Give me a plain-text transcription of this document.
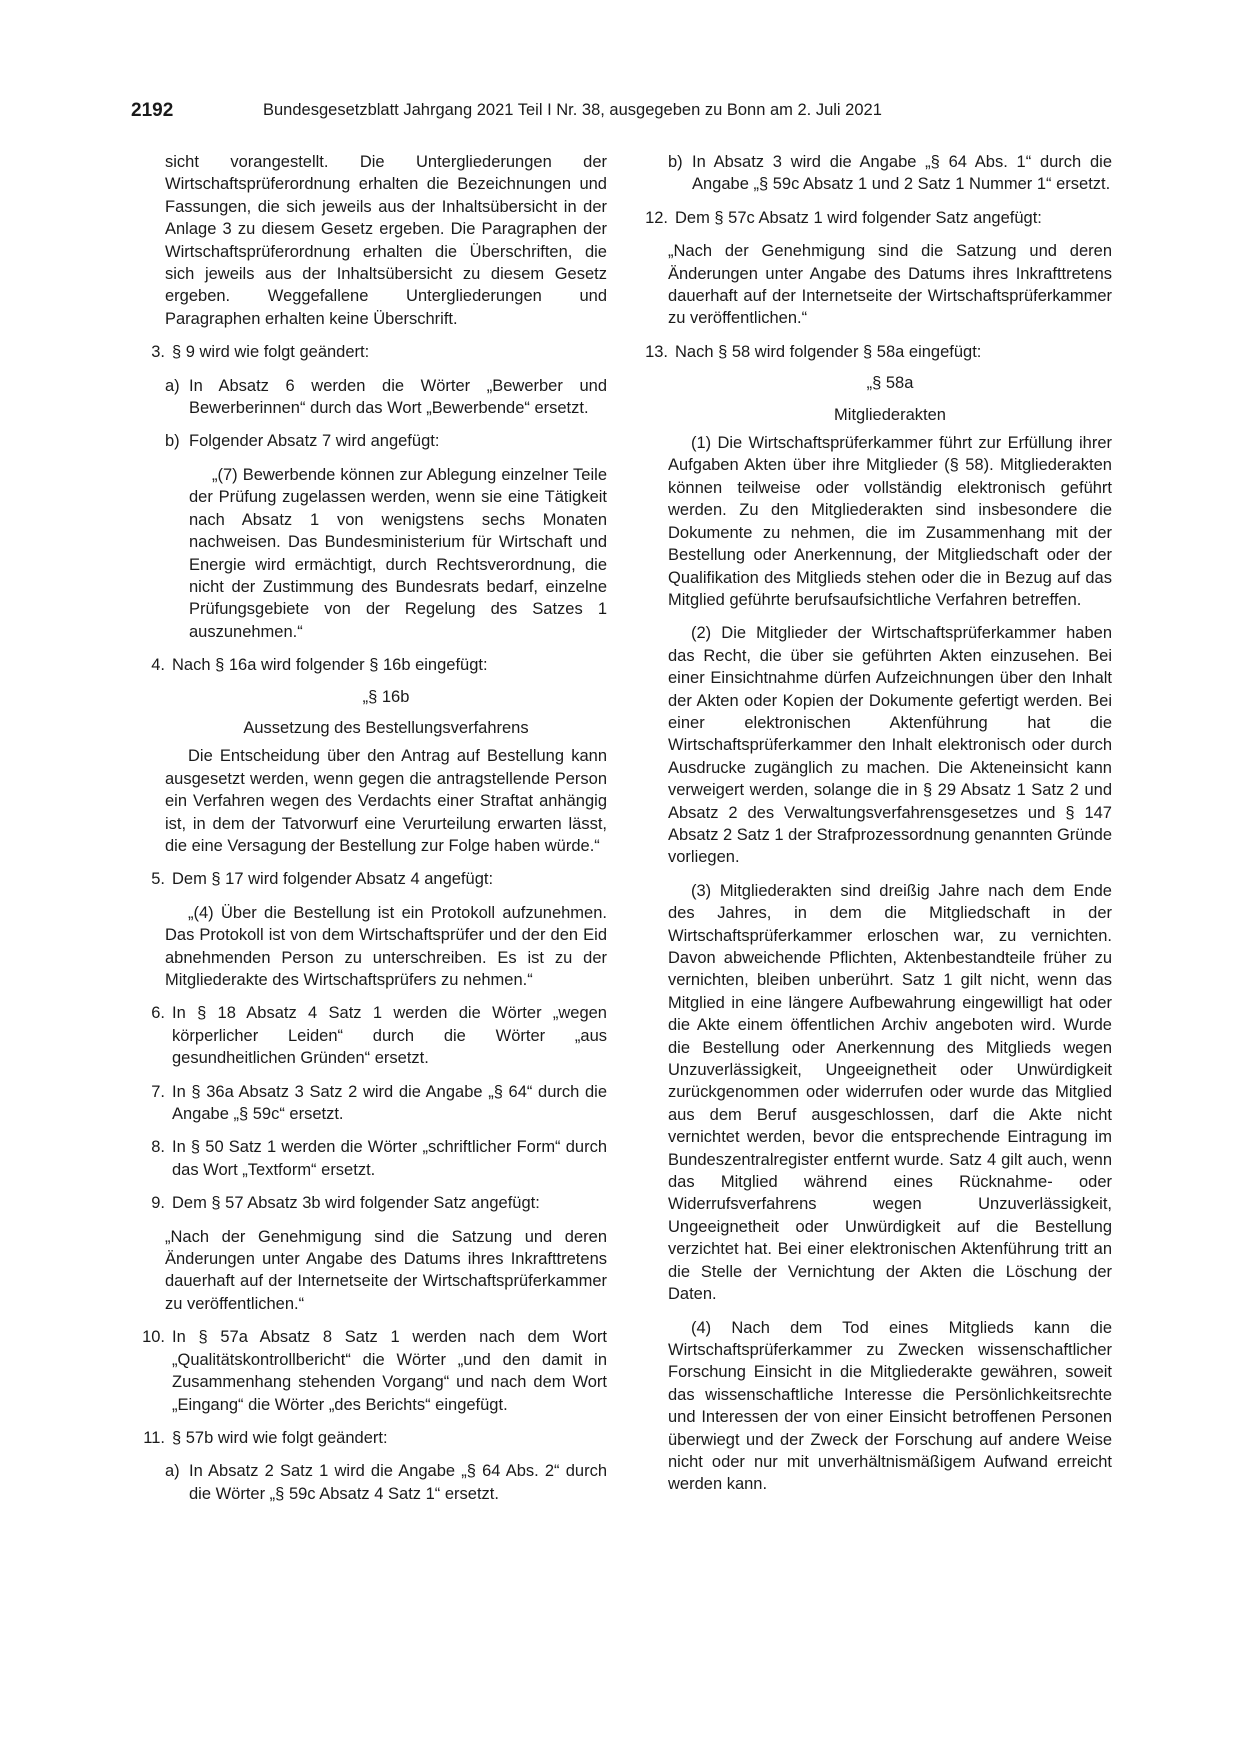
2192	Bundesgesetzblatt Jahrgang 2021 Teil I Nr. 38, ausgegeben zu Bonn am 2. Juli 2021
sicht vorangestellt. Die Untergliederungen der Wirtschaftsprüferordnung erhalten die Bezeichnungen und Fassungen, die sich jeweils aus der Inhaltsübersicht in der Anlage 3 zu diesem Gesetz ergeben. Die Paragraphen der Wirtschaftsprüferordnung erhalten die Überschriften, die sich jeweils aus der Inhaltsübersicht zu diesem Gesetz ergeben. Weggefallene Untergliederungen und Paragraphen erhalten keine Überschrift.
3. § 9 wird wie folgt geändert:
a) In Absatz 6 werden die Wörter „Bewerber und Bewerberinnen“ durch das Wort „Bewerbende“ ersetzt.
b) Folgender Absatz 7 wird angefügt:
„(7) Bewerbende können zur Ablegung einzelner Teile der Prüfung zugelassen werden, wenn sie eine Tätigkeit nach Absatz 1 von wenigstens sechs Monaten nachweisen. Das Bundesministerium für Wirtschaft und Energie wird ermächtigt, durch Rechtsverordnung, die nicht der Zustimmung des Bundesrats bedarf, einzelne Prüfungsgebiete von der Regelung des Satzes 1 auszunehmen.“
4. Nach § 16a wird folgender § 16b eingefügt:
„§ 16b
Aussetzung des Bestellungsverfahrens
Die Entscheidung über den Antrag auf Bestellung kann ausgesetzt werden, wenn gegen die antragstellende Person ein Verfahren wegen des Verdachts einer Straftat anhängig ist, in dem der Tatvorwurf eine Verurteilung erwarten lässt, die eine Versagung der Bestellung zur Folge haben würde.“
5. Dem § 17 wird folgender Absatz 4 angefügt:
„(4) Über die Bestellung ist ein Protokoll aufzunehmen. Das Protokoll ist von dem Wirtschaftsprüfer und der den Eid abnehmenden Person zu unterschreiben. Es ist zu der Mitgliederakte des Wirtschaftsprüfers zu nehmen.“
6. In § 18 Absatz 4 Satz 1 werden die Wörter „wegen körperlicher Leiden“ durch die Wörter „aus gesundheitlichen Gründen“ ersetzt.
7. In § 36a Absatz 3 Satz 2 wird die Angabe „§ 64“ durch die Angabe „§ 59c“ ersetzt.
8. In § 50 Satz 1 werden die Wörter „schriftlicher Form“ durch das Wort „Textform“ ersetzt.
9. Dem § 57 Absatz 3b wird folgender Satz angefügt:
„Nach der Genehmigung sind die Satzung und deren Änderungen unter Angabe des Datums ihres Inkrafttretens dauerhaft auf der Internetseite der Wirtschaftsprüferkammer zu veröffentlichen.“
10. In § 57a Absatz 8 Satz 1 werden nach dem Wort „Qualitätskontrollbericht“ die Wörter „und den damit in Zusammenhang stehenden Vorgang“ und nach dem Wort „Eingang“ die Wörter „des Berichts“ eingefügt.
11. § 57b wird wie folgt geändert:
a) In Absatz 2 Satz 1 wird die Angabe „§ 64 Abs. 2“ durch die Wörter „§ 59c Absatz 4 Satz 1“ ersetzt.
b) In Absatz 3 wird die Angabe „§ 64 Abs. 1“ durch die Angabe „§ 59c Absatz 1 und 2 Satz 1 Nummer 1“ ersetzt.
12. Dem § 57c Absatz 1 wird folgender Satz angefügt:
„Nach der Genehmigung sind die Satzung und deren Änderungen unter Angabe des Datums ihres Inkrafttretens dauerhaft auf der Internetseite der Wirtschaftsprüferkammer zu veröffentlichen.“
13. Nach § 58 wird folgender § 58a eingefügt:
„§ 58a
Mitgliederakten
(1) Die Wirtschaftsprüferkammer führt zur Erfüllung ihrer Aufgaben Akten über ihre Mitglieder (§ 58). Mitgliederakten können teilweise oder vollständig elektronisch geführt werden. Zu den Mitgliederakten sind insbesondere die Dokumente zu nehmen, die im Zusammenhang mit der Bestellung oder Anerkennung, der Mitgliedschaft oder der Qualifikation des Mitglieds stehen oder die in Bezug auf das Mitglied geführte berufsaufsichtliche Verfahren betreffen.
(2) Die Mitglieder der Wirtschaftsprüferkammer haben das Recht, die über sie geführten Akten einzusehen. Bei einer Einsichtnahme dürfen Aufzeichnungen über den Inhalt der Akten oder Kopien der Dokumente gefertigt werden. Bei einer elektronischen Aktenführung hat die Wirtschaftsprüferkammer den Inhalt elektronisch oder durch Ausdrucke zugänglich zu machen. Die Akteneinsicht kann verweigert werden, solange die in § 29 Absatz 1 Satz 2 und Absatz 2 des Verwaltungsverfahrensgesetzes und § 147 Absatz 2 Satz 1 der Strafprozessordnung genannten Gründe vorliegen.
(3) Mitgliederakten sind dreißig Jahre nach dem Ende des Jahres, in dem die Mitgliedschaft in der Wirtschaftsprüferkammer erloschen war, zu vernichten. Davon abweichende Pflichten, Aktenbestandteile früher zu vernichten, bleiben unberührt. Satz 1 gilt nicht, wenn das Mitglied in eine längere Aufbewahrung eingewilligt hat oder die Akte einem öffentlichen Archiv angeboten wird. Wurde die Bestellung oder Anerkennung des Mitglieds wegen Unzuverlässigkeit, Ungeeignetheit oder Unwürdigkeit zurückgenommen oder widerrufen oder wurde das Mitglied aus dem Beruf ausgeschlossen, darf die Akte nicht vernichtet werden, bevor die entsprechende Eintragung im Bundeszentralregister entfernt wurde. Satz 4 gilt auch, wenn das Mitglied während eines Rücknahme- oder Widerrufsverfahrens wegen Unzuverlässigkeit, Ungeeignetheit oder Unwürdigkeit auf die Bestellung verzichtet hat. Bei einer elektronischen Aktenführung tritt an die Stelle der Vernichtung der Akten die Löschung der Daten.
(4) Nach dem Tod eines Mitglieds kann die Wirtschaftsprüferkammer zu Zwecken wissenschaftlicher Forschung Einsicht in die Mitgliederakte gewähren, soweit das wissenschaftliche Interesse die Persönlichkeitsrechte und Interessen der von einer Einsicht betroffenen Personen überwiegt und der Zweck der Forschung auf andere Weise nicht oder nur mit unverhältnismäßigem Aufwand erreicht werden kann.
